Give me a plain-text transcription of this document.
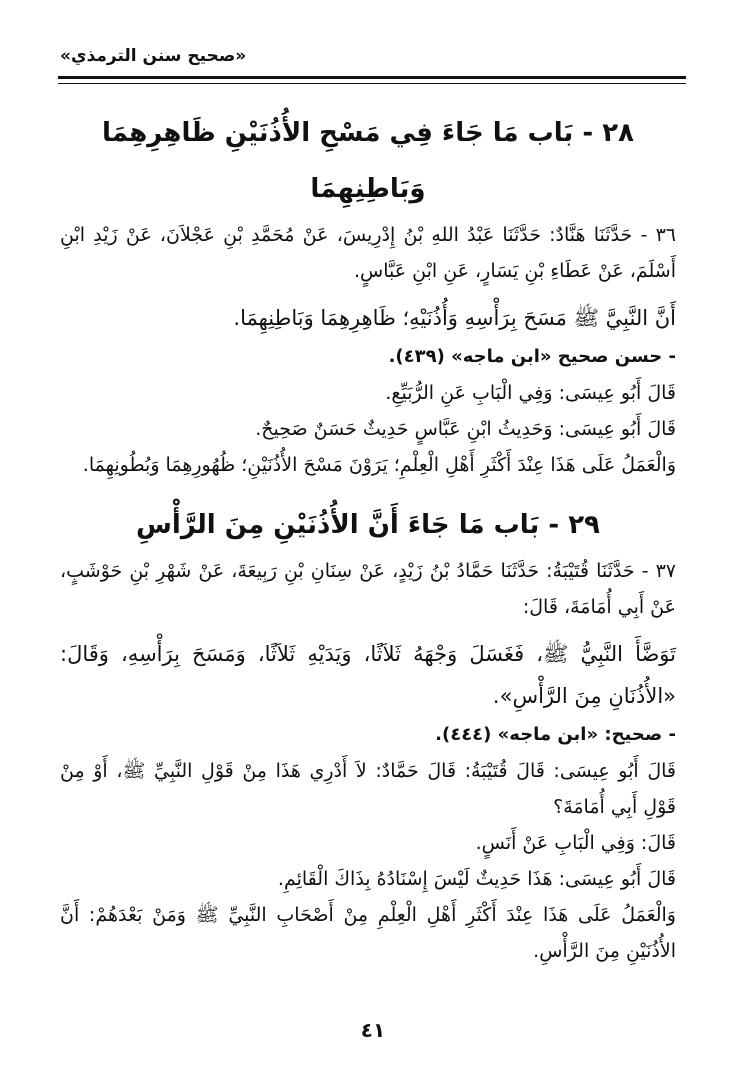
«صحيح سنن الترمذي»
٢٨ - بَاب مَا جَاءَ فِي مَسْحِ الأُذُنَيْنِ ظَاهِرِهِمَا وَبَاطِنِهِمَا

٣٦ - حَدَّثَنَا هَنَّادٌ: حَدَّثَنَا عَبْدُ اللهِ بْنُ إِدْرِيسَ، عَنْ مُحَمَّدِ بْنِ عَجْلاَنَ، عَنْ زَيْدِ ابْنِ أَسْلَمَ، عَنْ عَطَاءِ بْنِ يَسَارٍ، عَنِ ابْنِ عَبَّاسٍ.

أَنَّ النَّبِيَّ ﷺ مَسَحَ بِرَأْسِهِ وَأُذُنَيْهِ؛ ظَاهِرِهِمَا وَبَاطِنِهِمَا.

- حسن صحيح «ابن ماجه» (٤٣٩).

قَالَ أَبُو عِيسَى: وَفِي الْبَابِ عَنِ الرُّبَيِّعِ.

قَالَ أَبُو عِيسَى: وَحَدِيثُ ابْنِ عَبَّاسٍ حَدِيثٌ حَسَنٌ صَحِيحٌ.

وَالْعَمَلُ عَلَى هَذَا عِنْدَ أَكْثَرِ أَهْلِ الْعِلْمِ؛ يَرَوْنَ مَسْحَ الأُذُنَيْنِ؛ ظُهُورِهِمَا وَبُطُونِهِمَا.

٢٩ - بَاب مَا جَاءَ أَنَّ الأُذُنَيْنِ مِنَ الرَّأْسِ

٣٧ - حَدَّثَنَا قُتَيْبَةُ: حَدَّثَنَا حَمَّادُ بْنُ زَيْدٍ، عَنْ سِنَانِ بْنِ رَبِيعَةَ، عَنْ شَهْرِ بْنِ حَوْشَبٍ، عَنْ أَبِي أُمَامَةَ، قَالَ:

تَوَضَّأَ النَّبِيُّ ﷺ، فَغَسَلَ وَجْهَهُ ثَلاَثًا، وَيَدَيْهِ ثَلاَثًا، وَمَسَحَ بِرَأْسِهِ، وَقَالَ: «الأُذُنَانِ مِنَ الرَّأْسِ».

- صحيح: «ابن ماجه» (٤٤٤).

قَالَ أَبُو عِيسَى: قَالَ قُتَيْبَةُ: قَالَ حَمَّادٌ: لاَ أَدْرِي هَذَا مِنْ قَوْلِ النَّبِيِّ ﷺ، أَوْ مِنْ قَوْلِ أَبِي أُمَامَةَ؟

قَالَ: وَفِي الْبَابِ عَنْ أَنَسٍ.

قَالَ أَبُو عِيسَى: هَذَا حَدِيثٌ لَيْسَ إِسْنَادُهُ بِذَاكَ الْقَائِمِ.

وَالْعَمَلُ عَلَى هَذَا عِنْدَ أَكْثَرِ أَهْلِ الْعِلْمِ مِنْ أَصْحَابِ النَّبِيِّ ﷺ وَمَنْ بَعْدَهُمْ: أَنَّ الأُذُنَيْنِ مِنَ الرَّأْسِ.

٤١
